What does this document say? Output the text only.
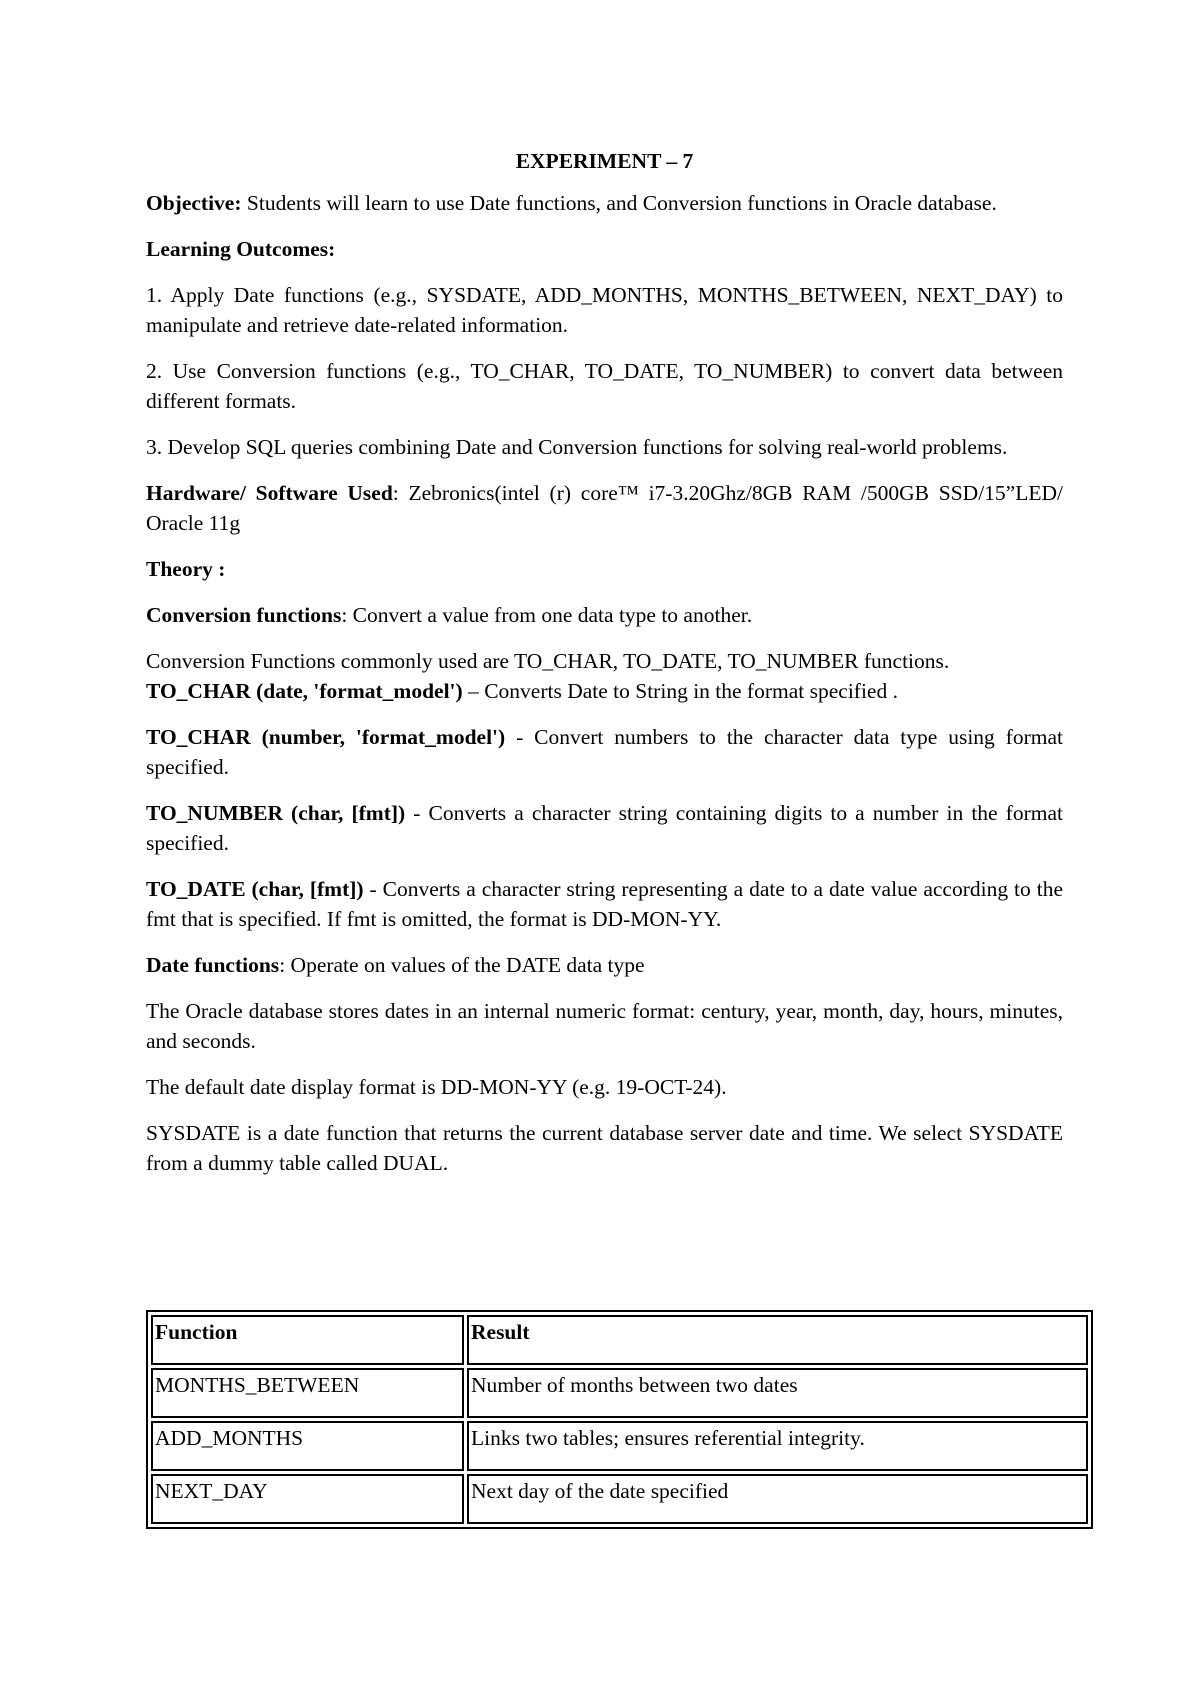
EXPERIMENT – 7

Objective: Students will learn to use Date functions, and Conversion functions in Oracle database.

Learning Outcomes:

1. Apply Date functions (e.g., SYSDATE, ADD_MONTHS, MONTHS_BETWEEN, NEXT_DAY) to manipulate and retrieve date-related information.

2. Use Conversion functions (e.g., TO_CHAR, TO_DATE, TO_NUMBER) to convert data between different formats.

3. Develop SQL queries combining Date and Conversion functions for solving real-world problems.

Hardware/ Software Used: Zebronics(intel (r) core™ i7-3.20Ghz/8GB RAM /500GB SSD/15”LED/ Oracle 11g

Theory :

Conversion functions: Convert a value from one data type to another.

Conversion Functions commonly used are TO_CHAR, TO_DATE, TO_NUMBER functions.

TO_CHAR (date, 'format_model') – Converts Date to String in the format specified .

TO_CHAR (number, 'format_model') - Convert numbers to the character data type using format specified.

TO_NUMBER (char, [fmt]) - Converts a character string containing digits to a number in the format specified.

TO_DATE (char, [fmt]) - Converts a character string representing a date to a date value according to the fmt that is specified. If fmt is omitted, the format is DD-MON-YY.

Date functions: Operate on values of the DATE data type

The Oracle database stores dates in an internal numeric format: century, year, month, day, hours, minutes, and seconds.

The default date display format is DD-MON-YY (e.g. 19-OCT-24).

SYSDATE is a date function that returns the current database server date and time. We select SYSDATE from a dummy table called DUAL.

Function	Result
MONTHS_BETWEEN	Number of months between two dates
ADD_MONTHS	Links two tables; ensures referential integrity.
NEXT_DAY	Next day of the date specified
